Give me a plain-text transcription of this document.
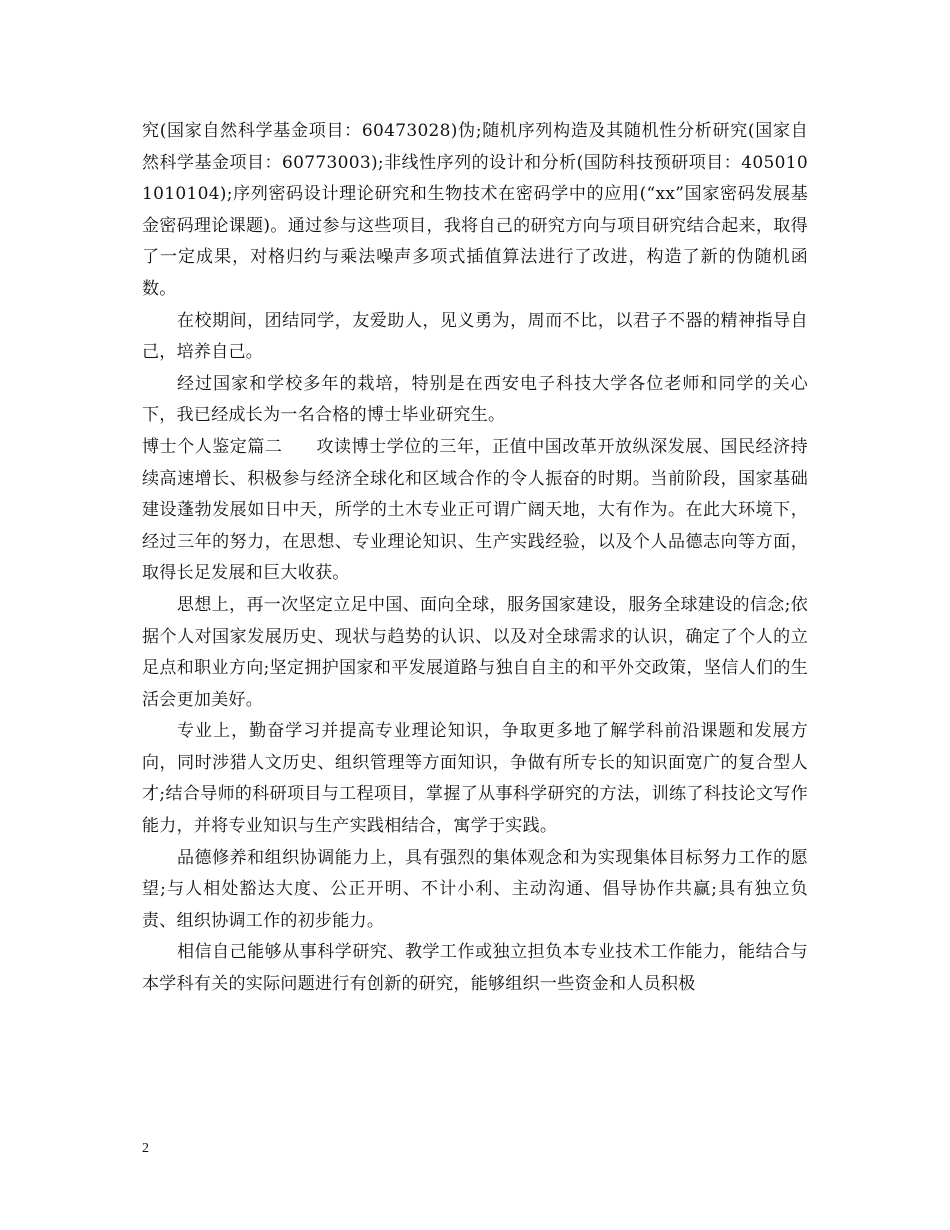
究(国家自然科学基金项目：60473028)伪;随机序列构造及其随机性分析研究(国家自然科学基金项目：60773003);非线性序列的设计和分析(国防科技预研项目：4050101010104);序列密码设计理论研究和生物技术在密码学中的应用(“xx”国家密码发展基金密码理论课题)。通过参与这些项目，我将自己的研究方向与项目研究结合起来，取得了一定成果，对格归约与乘法噪声多项式插值算法进行了改进，构造了新的伪随机函数。

在校期间，团结同学，友爱助人，见义勇为，周而不比，以君子不器的精神指导自己，培养自己。

经过国家和学校多年的栽培，特别是在西安电子科技大学各位老师和同学的关心下，我已经成长为一名合格的博士毕业研究生。

博士个人鉴定篇二 攻读博士学位的三年，正值中国改革开放纵深发展、国民经济持续高速增长、积极参与经济全球化和区域合作的令人振奋的时期。当前阶段，国家基础建设蓬勃发展如日中天，所学的土木专业正可谓广阔天地，大有作为。在此大环境下，经过三年的努力，在思想、专业理论知识、生产实践经验，以及个人品德志向等方面，取得长足发展和巨大收获。

思想上，再一次坚定立足中国、面向全球，服务国家建设，服务全球建设的信念;依据个人对国家发展历史、现状与趋势的认识、以及对全球需求的认识，确定了个人的立足点和职业方向;坚定拥护国家和平发展道路与独自自主的和平外交政策，坚信人们的生活会更加美好。

专业上，勤奋学习并提高专业理论知识，争取更多地了解学科前沿课题和发展方向，同时涉猎人文历史、组织管理等方面知识，争做有所专长的知识面宽广的复合型人才;结合导师的科研项目与工程项目，掌握了从事科学研究的方法，训练了科技论文写作能力，并将专业知识与生产实践相结合，寓学于实践。

品德修养和组织协调能力上，具有强烈的集体观念和为实现集体目标努力工作的愿望;与人相处豁达大度、公正开明、不计小利、主动沟通、倡导协作共赢;具有独立负责、组织协调工作的初步能力。

相信自己能够从事科学研究、教学工作或独立担负本专业技术工作能力，能结合与本学科有关的实际问题进行有创新的研究，能够组织一些资金和人员积极

2
